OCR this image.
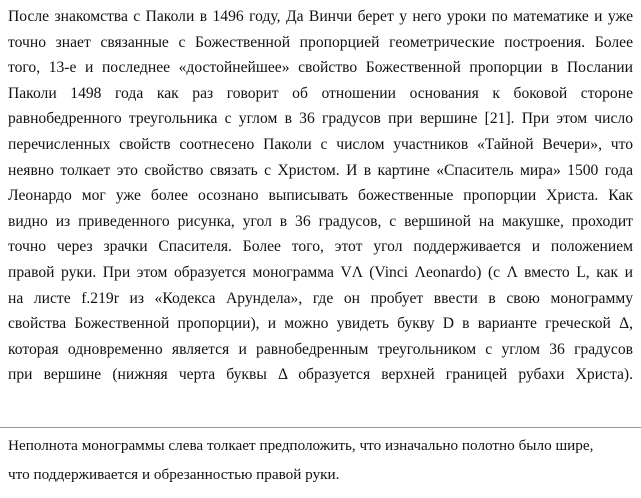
После знакомства с Паколи в 1496 году, Да Винчи берет у него уроки по математике и уже
точно знает связанные с Божественной пропорцией геометрические построения. Более
того, 13-е и последнее «достойнейшее» свойство Божественной пропорции в Послании
Паколи 1498 года как раз говорит об отношении основания к боковой стороне
равнобедренного треугольника с углом в 36 градусов при вершине [21]. При этом число
перечисленных свойств соотнесено Паколи с числом участников «Тайной Вечери», что
неявно толкает это свойство связать с Христом. И в картине «Спаситель мира» 1500 года
Леонардо мог уже более осознано выписывать божественные пропорции Христа. Как
видно из приведенного рисунка, угол в 36 градусов, с вершиной на макушке, проходит
точно через зрачки Спасителя. Более того, этот угол поддерживается и положением
правой руки. При этом образуется монограмма VΛ (Vinci Λeonardo) (с Λ вместо L, как и
на листе f.219r из «Кодекса Арундела», где он пробует ввести в свою монограмму
свойства Божественной пропорции), и можно увидеть букву D в варианте греческой Δ,
которая одновременно является и равнобедренным треугольником с углом 36 градусов
при вершине (нижняя черта буквы Δ образуется верхней границей рубахи Христа).
Неполнота монограммы слева толкает предположить, что изначально полотно было шире,
что поддерживается и обрезанностью правой руки.
